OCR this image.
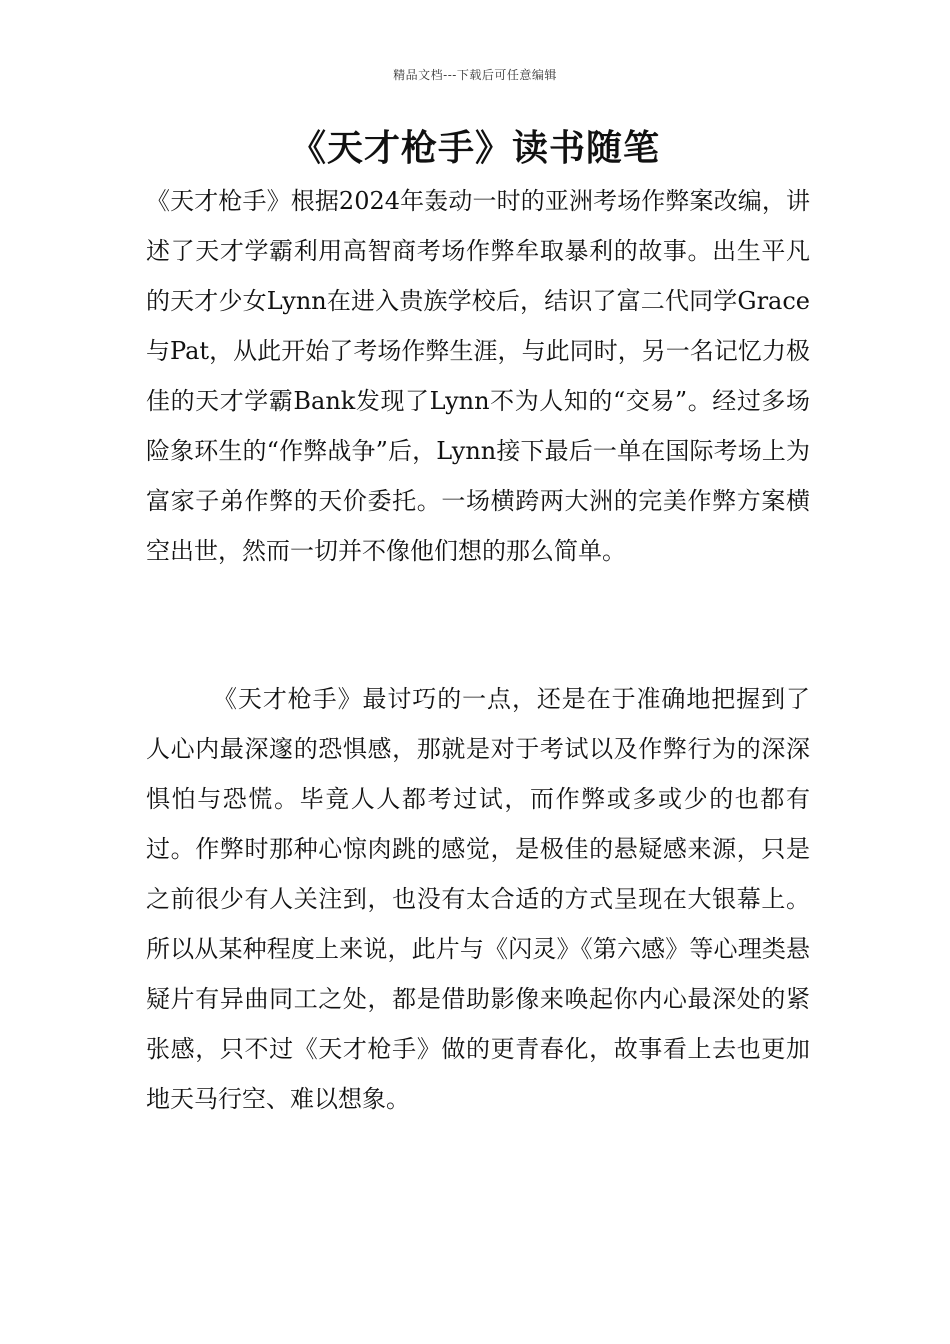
精品文档---下载后可任意编辑
《天才枪手》读书随笔

《天才枪手》根据2024年轰动一时的亚洲考场作弊案改编，讲述了天才学霸利用高智商考场作弊牟取暴利的故事。出生平凡的天才少女Lynn在进入贵族学校后，结识了富二代同学Grace与Pat，从此开始了考场作弊生涯，与此同时，另一名记忆力极佳的天才学霸Bank发现了Lynn不为人知的“交易”。经过多场险象环生的“作弊战争”后，Lynn接下最后一单在国际考场上为富家子弟作弊的天价委托。一场横跨两大洲的完美作弊方案横空出世，然而一切并不像他们想的那么简单。

《天才枪手》最讨巧的一点，还是在于准确地把握到了人心内最深邃的恐惧感，那就是对于考试以及作弊行为的深深惧怕与恐慌。毕竟人人都考过试，而作弊或多或少的也都有过。作弊时那种心惊肉跳的感觉，是极佳的悬疑感来源，只是之前很少有人关注到，也没有太合适的方式呈现在大银幕上。所以从某种程度上来说，此片与《闪灵》《第六感》等心理类悬疑片有异曲同工之处，都是借助影像来唤起你内心最深处的紧张感，只不过《天才枪手》做的更青春化，故事看上去也更加地天马行空、难以想象。
